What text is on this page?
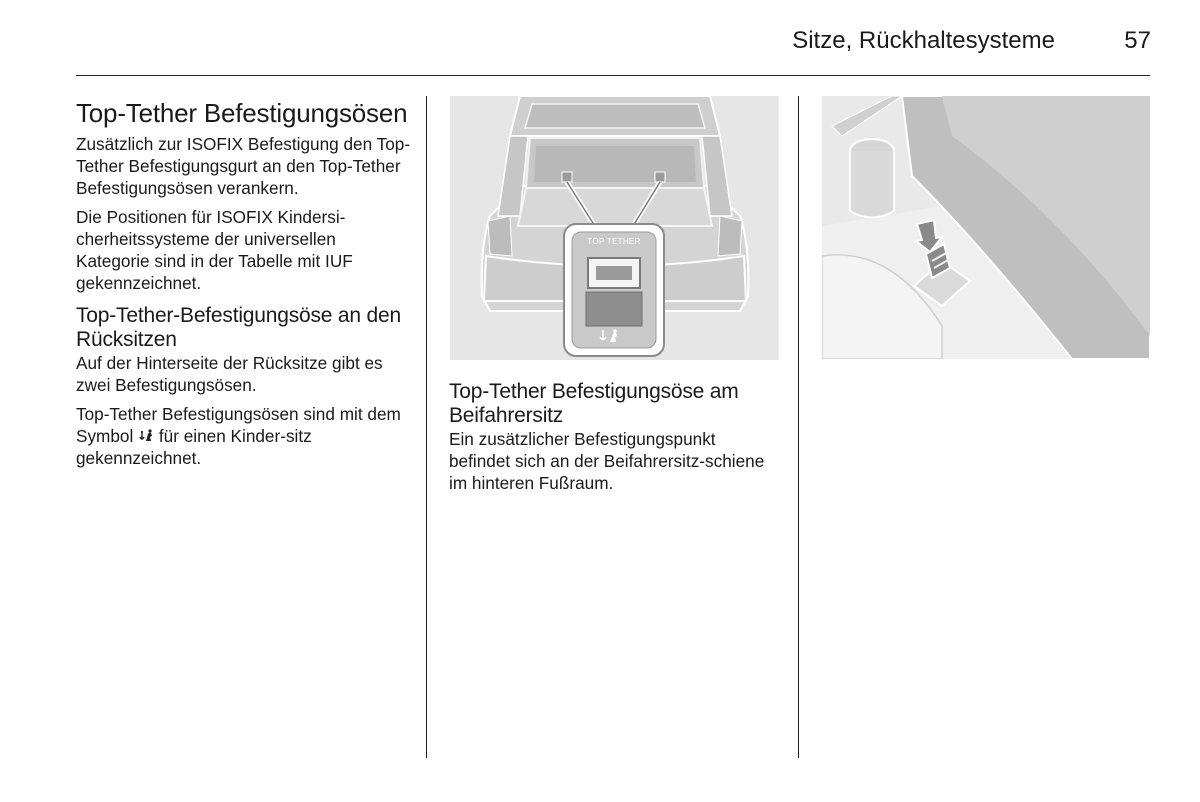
Sitze, Rückhaltesysteme	57
Top-Tether Befestigungsösen

Zusätzlich zur ISOFIX Befestigung den Top-Tether Befestigungsgurt an den Top-Tether Befestigungsösen verankern.

Die Positionen für ISOFIX Kindersi-cherheitssysteme der universellen Kategorie sind in der Tabelle mit IUF gekennzeichnet.

Top-Tether-Befestigungsöse an den Rücksitzen

Auf der Hinterseite der Rücksitze gibt es zwei Befestigungsösen.

Top-Tether Befestigungsösen sind mit dem Symbol für einen Kinder-sitz gekennzeichnet.

TOP TETHER
Top-Tether Befestigungsöse am Beifahrersitz

Ein zusätzlicher Befestigungspunkt befindet sich an der Beifahrersitz-schiene im hinteren Fußraum.
